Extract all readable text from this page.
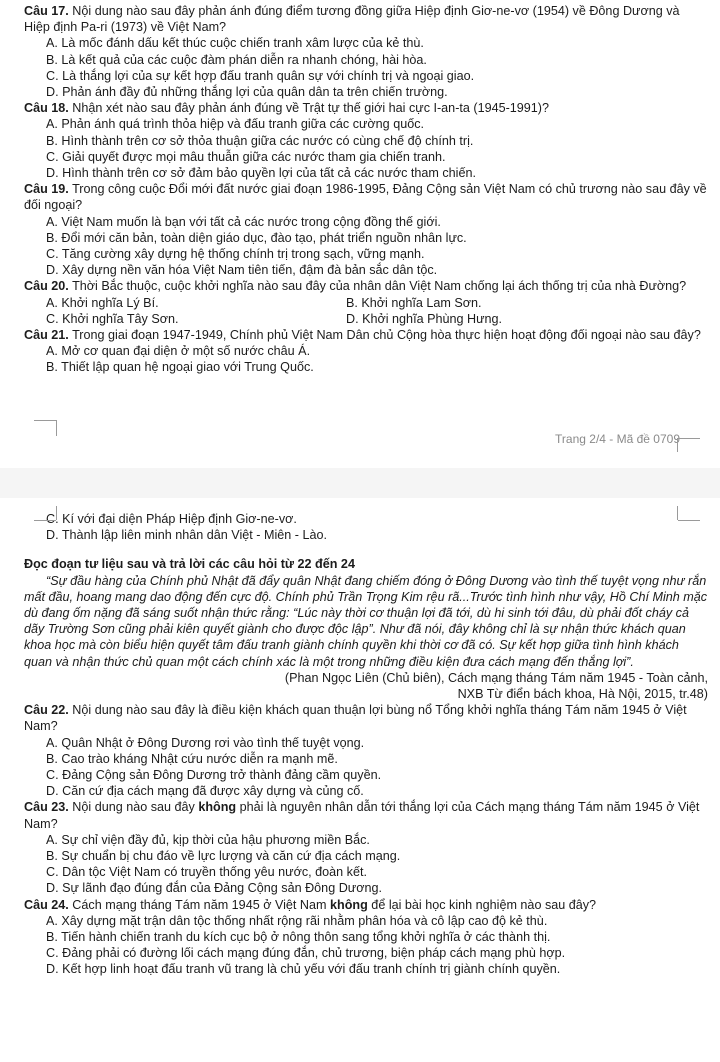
Câu 17. Nội dung nào sau đây phản ánh đúng điểm tương đồng giữa Hiệp định Giơ-ne-vơ (1954) về Đông Dương và Hiệp định Pa-ri (1973) về Việt Nam?

A. Là mốc đánh dấu kết thúc cuộc chiến tranh xâm lược của kẻ thù.

B. Là kết quả của các cuộc đàm phán diễn ra nhanh chóng, hài hòa.

C. Là thắng lợi của sự kết hợp đấu tranh quân sự với chính trị và ngoại giao.

D. Phản ánh đầy đủ những thắng lợi của quân dân ta trên chiến trường.

Câu 18. Nhận xét nào sau đây phản ánh đúng về Trật tự thế giới hai cực I-an-ta (1945-1991)?

A. Phản ánh quá trình thỏa hiệp và đấu tranh giữa các cường quốc.

B. Hình thành trên cơ sở thỏa thuận giữa các nước có cùng chế độ chính trị.

C. Giải quyết được mọi mâu thuẫn giữa các nước tham gia chiến tranh.

D. Hình thành trên cơ sở đảm bảo quyền lợi của tất cả các nước tham chiến.

Câu 19. Trong công cuộc Đổi mới đất nước giai đoạn 1986-1995, Đảng Cộng sản Việt Nam có chủ trương nào sau đây về đối ngoại?

A. Việt Nam muốn là bạn với tất cả các nước trong cộng đồng thế giới.

B. Đổi mới căn bản, toàn diện giáo dục, đào tạo, phát triển nguồn nhân lực.

C. Tăng cường xây dựng hệ thống chính trị trong sạch, vững mạnh.

D. Xây dựng nền văn hóa Việt Nam tiên tiến, đậm đà bản sắc dân tộc.

Câu 20. Thời Bắc thuộc, cuộc khởi nghĩa nào sau đây của nhân dân Việt Nam chống lại ách thống trị của nhà Đường?

A. Khởi nghĩa Lý Bí.	B. Khởi nghĩa Lam Sơn.

C. Khởi nghĩa Tây Sơn.	D. Khởi nghĩa Phùng Hưng.

Câu 21. Trong giai đoạn 1947-1949, Chính phủ Việt Nam Dân chủ Cộng hòa thực hiện hoạt động đối ngoại nào sau đây?

A. Mở cơ quan đại diện ở một số nước châu Á.

B. Thiết lập quan hệ ngoại giao với Trung Quốc.

Trang 2/4 - Mã đề 0709

C. Kí với đại diện Pháp Hiệp định Giơ-ne-vơ.

D. Thành lập liên minh nhân dân Việt - Miên - Lào.

Đọc đoạn tư liệu sau và trả lời các câu hỏi từ 22 đến 24

“Sự đầu hàng của Chính phủ Nhật đã đẩy quân Nhật đang chiếm đóng ở Đông Dương vào tình thế tuyệt vọng như rắn mất đầu, hoang mang dao động đến cực độ. Chính phủ Trần Trọng Kim rệu rã...Trước tình hình như vậy, Hồ Chí Minh mặc dù đang ốm nặng đã sáng suốt nhận thức rằng: “Lúc này thời cơ thuận lợi đã tới, dù hi sinh tới đâu, dù phải đốt cháy cả dãy Trường Sơn cũng phải kiên quyết giành cho được độc lập”. Như đã nói, đây không chỉ là sự nhận thức khách quan khoa học mà còn biểu hiện quyết tâm đấu tranh giành chính quyền khi thời cơ đã có. Sự kết hợp giữa tình hình khách quan và nhận thức chủ quan một cách chính xác là một trong những điều kiện đưa cách mạng đến thắng lợi”.

(Phan Ngọc Liên (Chủ biên), Cách mạng tháng Tám năm 1945 - Toàn cảnh,
NXB Từ điển bách khoa, Hà Nội, 2015, tr.48)

Câu 22. Nội dung nào sau đây là điều kiện khách quan thuận lợi bùng nổ Tổng khởi nghĩa tháng Tám năm 1945 ở Việt Nam?

A. Quân Nhật ở Đông Dương rơi vào tình thế tuyệt vọng.

B. Cao trào kháng Nhật cứu nước diễn ra mạnh mẽ.

C. Đảng Cộng sản Đông Dương trở thành đảng cầm quyền.

D. Căn cứ địa cách mạng đã được xây dựng và củng cố.

Câu 23. Nội dung nào sau đây không phải là nguyên nhân dẫn tới thắng lợi của Cách mạng tháng Tám năm 1945 ở Việt Nam?

A. Sự chỉ viện đầy đủ, kịp thời của hậu phương miền Bắc.

B. Sự chuẩn bị chu đáo về lực lượng và căn cứ địa cách mạng.

C. Dân tộc Việt Nam có truyền thống yêu nước, đoàn kết.

D. Sự lãnh đạo đúng đắn của Đảng Cộng sản Đông Dương.

Câu 24. Cách mạng tháng Tám năm 1945 ở Việt Nam không để lại bài học kinh nghiệm nào sau đây?

A. Xây dựng mặt trận dân tộc thống nhất rộng rãi nhằm phân hóa và cô lập cao độ kẻ thù.

B. Tiến hành chiến tranh du kích cục bộ ở nông thôn sang tổng khởi nghĩa ở các thành thị.

C. Đảng phải có đường lối cách mạng đúng đắn, chủ trương, biện pháp cách mạng phù hợp.

D. Kết hợp linh hoạt đấu tranh vũ trang là chủ yếu với đấu tranh chính trị giành chính quyền.
